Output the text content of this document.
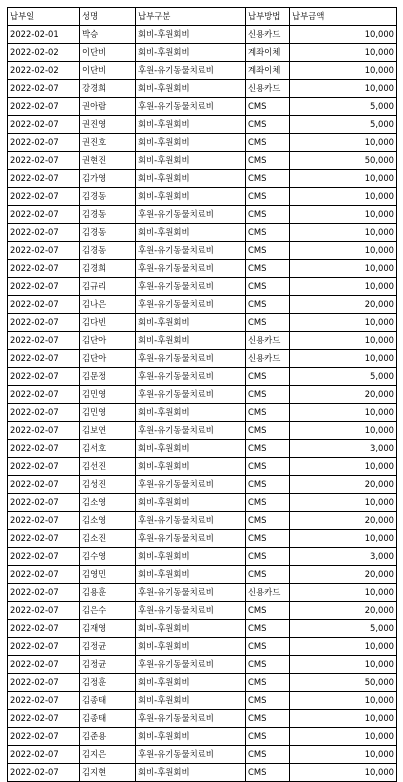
납부일	성명	납부구분	납부방법	납부금액
2022-02-01	박승	회비-후원회비	신용카드	10,000
2022-02-02	이단비	회비-후원회비	계좌이체	10,000
2022-02-02	이단비	후원-유기동물치료비	계좌이체	10,000
2022-02-07	강경희	회비-후원회비	신용카드	10,000
2022-02-07	권아람	후원-유기동물치료비	CMS	5,000
2022-02-07	권진영	회비-후원회비	CMS	5,000
2022-02-07	권진호	회비-후원회비	CMS	10,000
2022-02-07	권현진	회비-후원회비	CMS	50,000
2022-02-07	김가영	회비-후원회비	CMS	10,000
2022-02-07	김경동	회비-후원회비	CMS	10,000
2022-02-07	김경동	후원-유기동물치료비	CMS	10,000
2022-02-07	김경동	회비-후원회비	CMS	10,000
2022-02-07	김경동	후원-유기동물치료비	CMS	10,000
2022-02-07	김경희	후원-유기동물치료비	CMS	10,000
2022-02-07	김규리	후원-유기동물치료비	CMS	10,000
2022-02-07	김나은	후원-유기동물치료비	CMS	20,000
2022-02-07	김다빈	회비-후원회비	CMS	10,000
2022-02-07	김단아	회비-후원회비	신용카드	10,000
2022-02-07	김단아	후원-유기동물치료비	신용카드	10,000
2022-02-07	김문정	후원-유기동물치료비	CMS	5,000
2022-02-07	김민영	후원-유기동물치료비	CMS	20,000
2022-02-07	김민영	회비-후원회비	CMS	10,000
2022-02-07	김보연	후원-유기동물치료비	CMS	10,000
2022-02-07	김서호	회비-후원회비	CMS	3,000
2022-02-07	김선진	회비-후원회비	CMS	10,000
2022-02-07	김성진	후원-유기동물치료비	CMS	20,000
2022-02-07	김소영	회비-후원회비	CMS	10,000
2022-02-07	김소영	후원-유기동물치료비	CMS	20,000
2022-02-07	김소진	후원-유기동물치료비	CMS	10,000
2022-02-07	김수영	회비-후원회비	CMS	3,000
2022-02-07	김영민	회비-후원회비	CMS	20,000
2022-02-07	김용훈	후원-유기동물치료비	신용카드	10,000
2022-02-07	김은수	후원-유기동물치료비	CMS	20,000
2022-02-07	김재영	회비-후원회비	CMS	5,000
2022-02-07	김정균	회비-후원회비	CMS	10,000
2022-02-07	김정균	후원-유기동물치료비	CMS	10,000
2022-02-07	김정훈	회비-후원회비	CMS	50,000
2022-02-07	김종태	회비-후원회비	CMS	10,000
2022-02-07	김종태	후원-유기동물치료비	CMS	10,000
2022-02-07	김준용	회비-후원회비	CMS	10,000
2022-02-07	김지은	후원-유기동물치료비	CMS	10,000
2022-02-07	김지현	회비-후원회비	CMS	10,000
